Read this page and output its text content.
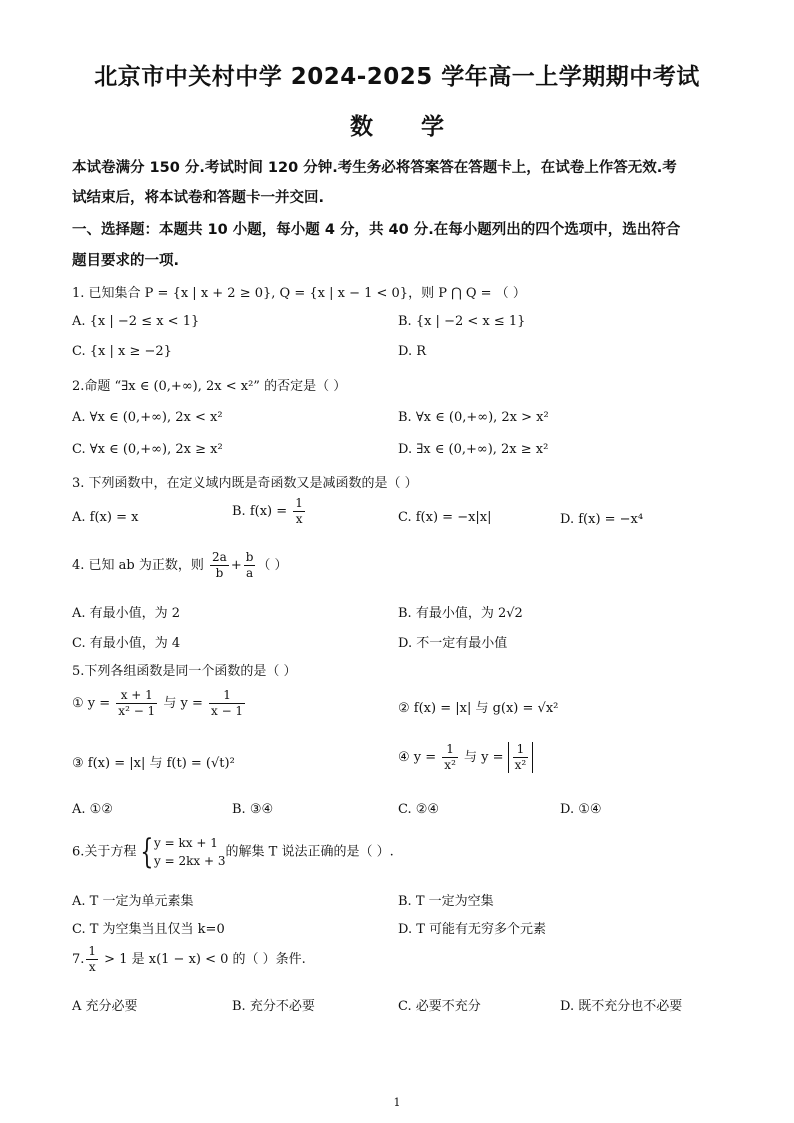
北京市中关村中学 2024-2025 学年高一上学期期中考试
数 学
本试卷满分 150 分.考试时间 120 分钟.考生务必将答案答在答题卡上，在试卷上作答无效.考
试结束后，将本试卷和答题卡一并交回.
一、选择题：本题共 10 小题，每小题 4 分，共 40 分.在每小题列出的四个选项中，选出符合
题目要求的一项.
1. 已知集合 P = {x | x + 2 ≥ 0}, Q = {x | x − 1 < 0}，则 P ⋂ Q = （ ）
A. {x | −2 ≤ x < 1}	B. {x | −2 < x ≤ 1}
C. {x | x ≥ −2}	D. R
2.命题 “∃x ∈ (0,+∞), 2x < x²” 的否定是（ ）
A. ∀x ∈ (0,+∞), 2x < x²	B. ∀x ∈ (0,+∞), 2x > x²
C. ∀x ∈ (0,+∞), 2x ≥ x²	D. ∃x ∈ (0,+∞), 2x ≥ x²
3. 下列函数中，在定义域内既是奇函数又是减函数的是（ ）
A. f(x) = x	B. $f(x) = \frac{1}{x}$	C. f(x) = −x|x|	D. f(x) = −x⁴
4. 已知 ab 为正数，则 $\frac{2a}{b} + \frac{b}{a}$ （ ）
A. 有最小值，为 2	B. 有最小值，为 2√2
C. 有最小值，为 4	D. 不一定有最小值
5.下列各组函数是同一个函数的是（ ）
① $y = \frac{x + 1}{\text{x² − 1}}$ 与 $y = \frac{1}{x - 1}$	② f(x) = |x| 与 g(x) = √x²
③ f(x) = |x| 与 f(t) = (√t)²	④ $y = \frac{1}{\text{x²}}$ 与 $y = \frac{1}{\text{x²}}$
A. ①②	B. ③④	C. ②④	D. ①④
6.关于方程 { y = kx + 1
y = 2kx + 3
的解集 T 说法正确的是（ ）.
A. T 一定为单元素集	B. T 一定为空集
C. T 为空集当且仅当 k=0	D. T 可能有无穷多个元素
7. $\frac{1}{x} > 1$ 是 x(1 − x) < 0 的（ ）条件.
A 充分必要	B. 充分不必要	C. 必要不充分	D. 既不充分也不必要
1
